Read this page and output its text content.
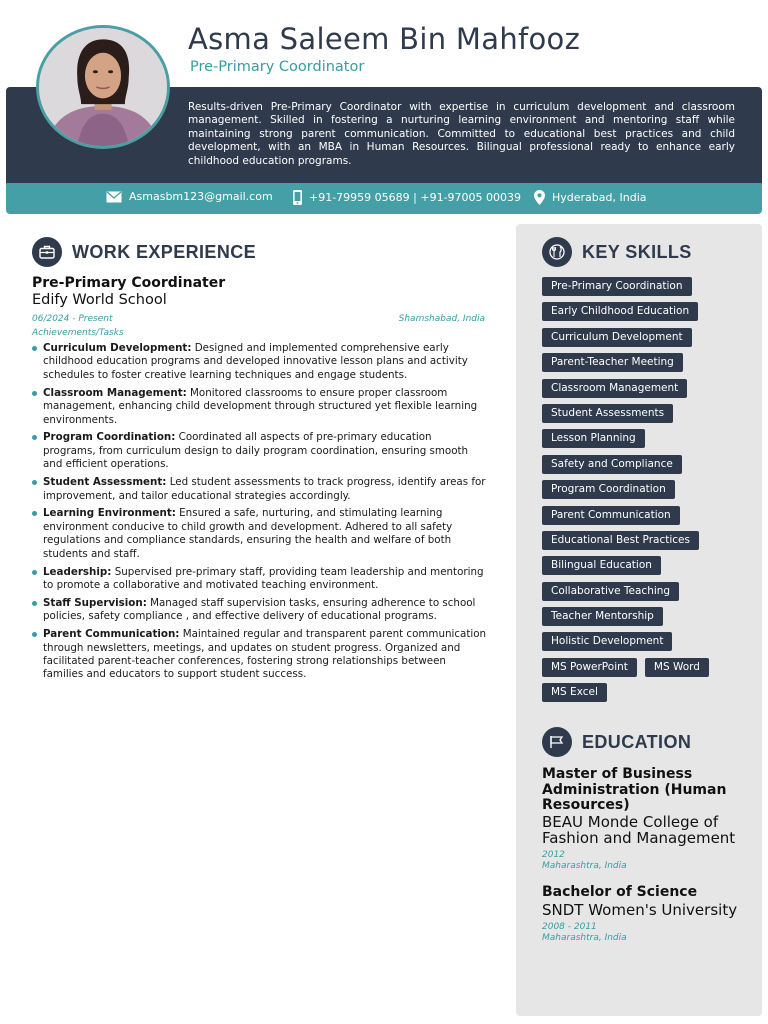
Asma Saleem Bin Mahfooz
Pre-Primary Coordinator
Results-driven Pre-Primary Coordinator with expertise in curriculum development and classroom management. Skilled in fostering a nurturing learning environment and mentoring staff while maintaining strong parent communication. Committed to educational best practices and child development, with an MBA in Human Resources. Bilingual professional ready to enhance early childhood education programs.
Asmasbm123@gmail.com	+91-79959 05689 | +91-97005 00039	Hyderabad, India
WORK EXPERIENCE
Pre-Primary Coordinater
Edify World School
06/2024 - Present	Shamshabad, India
Achievements/Tasks
Curriculum Development: Designed and implemented comprehensive early childhood education programs and developed innovative lesson plans and activity schedules to foster creative learning techniques and engage students.
Classroom Management: Monitored classrooms to ensure proper classroom management, enhancing child development through structured yet flexible learning environments.
Program Coordination: Coordinated all aspects of pre-primary education programs, from curriculum design to daily program coordination, ensuring smooth and efficient operations.
Student Assessment: Led student assessments to track progress, identify areas for improvement, and tailor educational strategies accordingly.
Learning Environment: Ensured a safe, nurturing, and stimulating learning environment conducive to child growth and development. Adhered to all safety regulations and compliance standards, ensuring the health and welfare of both students and staff.
Leadership: Supervised pre-primary staff, providing team leadership and mentoring to promote a collaborative and motivated teaching environment.
Staff Supervision: Managed staff supervision tasks, ensuring adherence to school policies, safety compliance , and effective delivery of educational programs.
Parent Communication: Maintained regular and transparent parent communication through newsletters, meetings, and updates on student progress. Organized and facilitated parent-teacher conferences, fostering strong relationships between families and educators to support student success.
KEY SKILLS
Pre-Primary Coordination
Early Childhood Education
Curriculum Development
Parent-Teacher Meeting
Classroom Management
Student Assessments
Lesson Planning
Safety and Compliance
Program Coordination
Parent Communication
Educational Best Practices
Bilingual Education
Collaborative Teaching
Teacher Mentorship
Holistic Development
MS PowerPoint	MS Word
MS Excel
EDUCATION
Master of Business Administration (Human Resources)
BEAU Monde College of Fashion and Management
2012
Maharashtra, India
Bachelor of Science
SNDT Women's University
2008 - 2011
Maharashtra, India
